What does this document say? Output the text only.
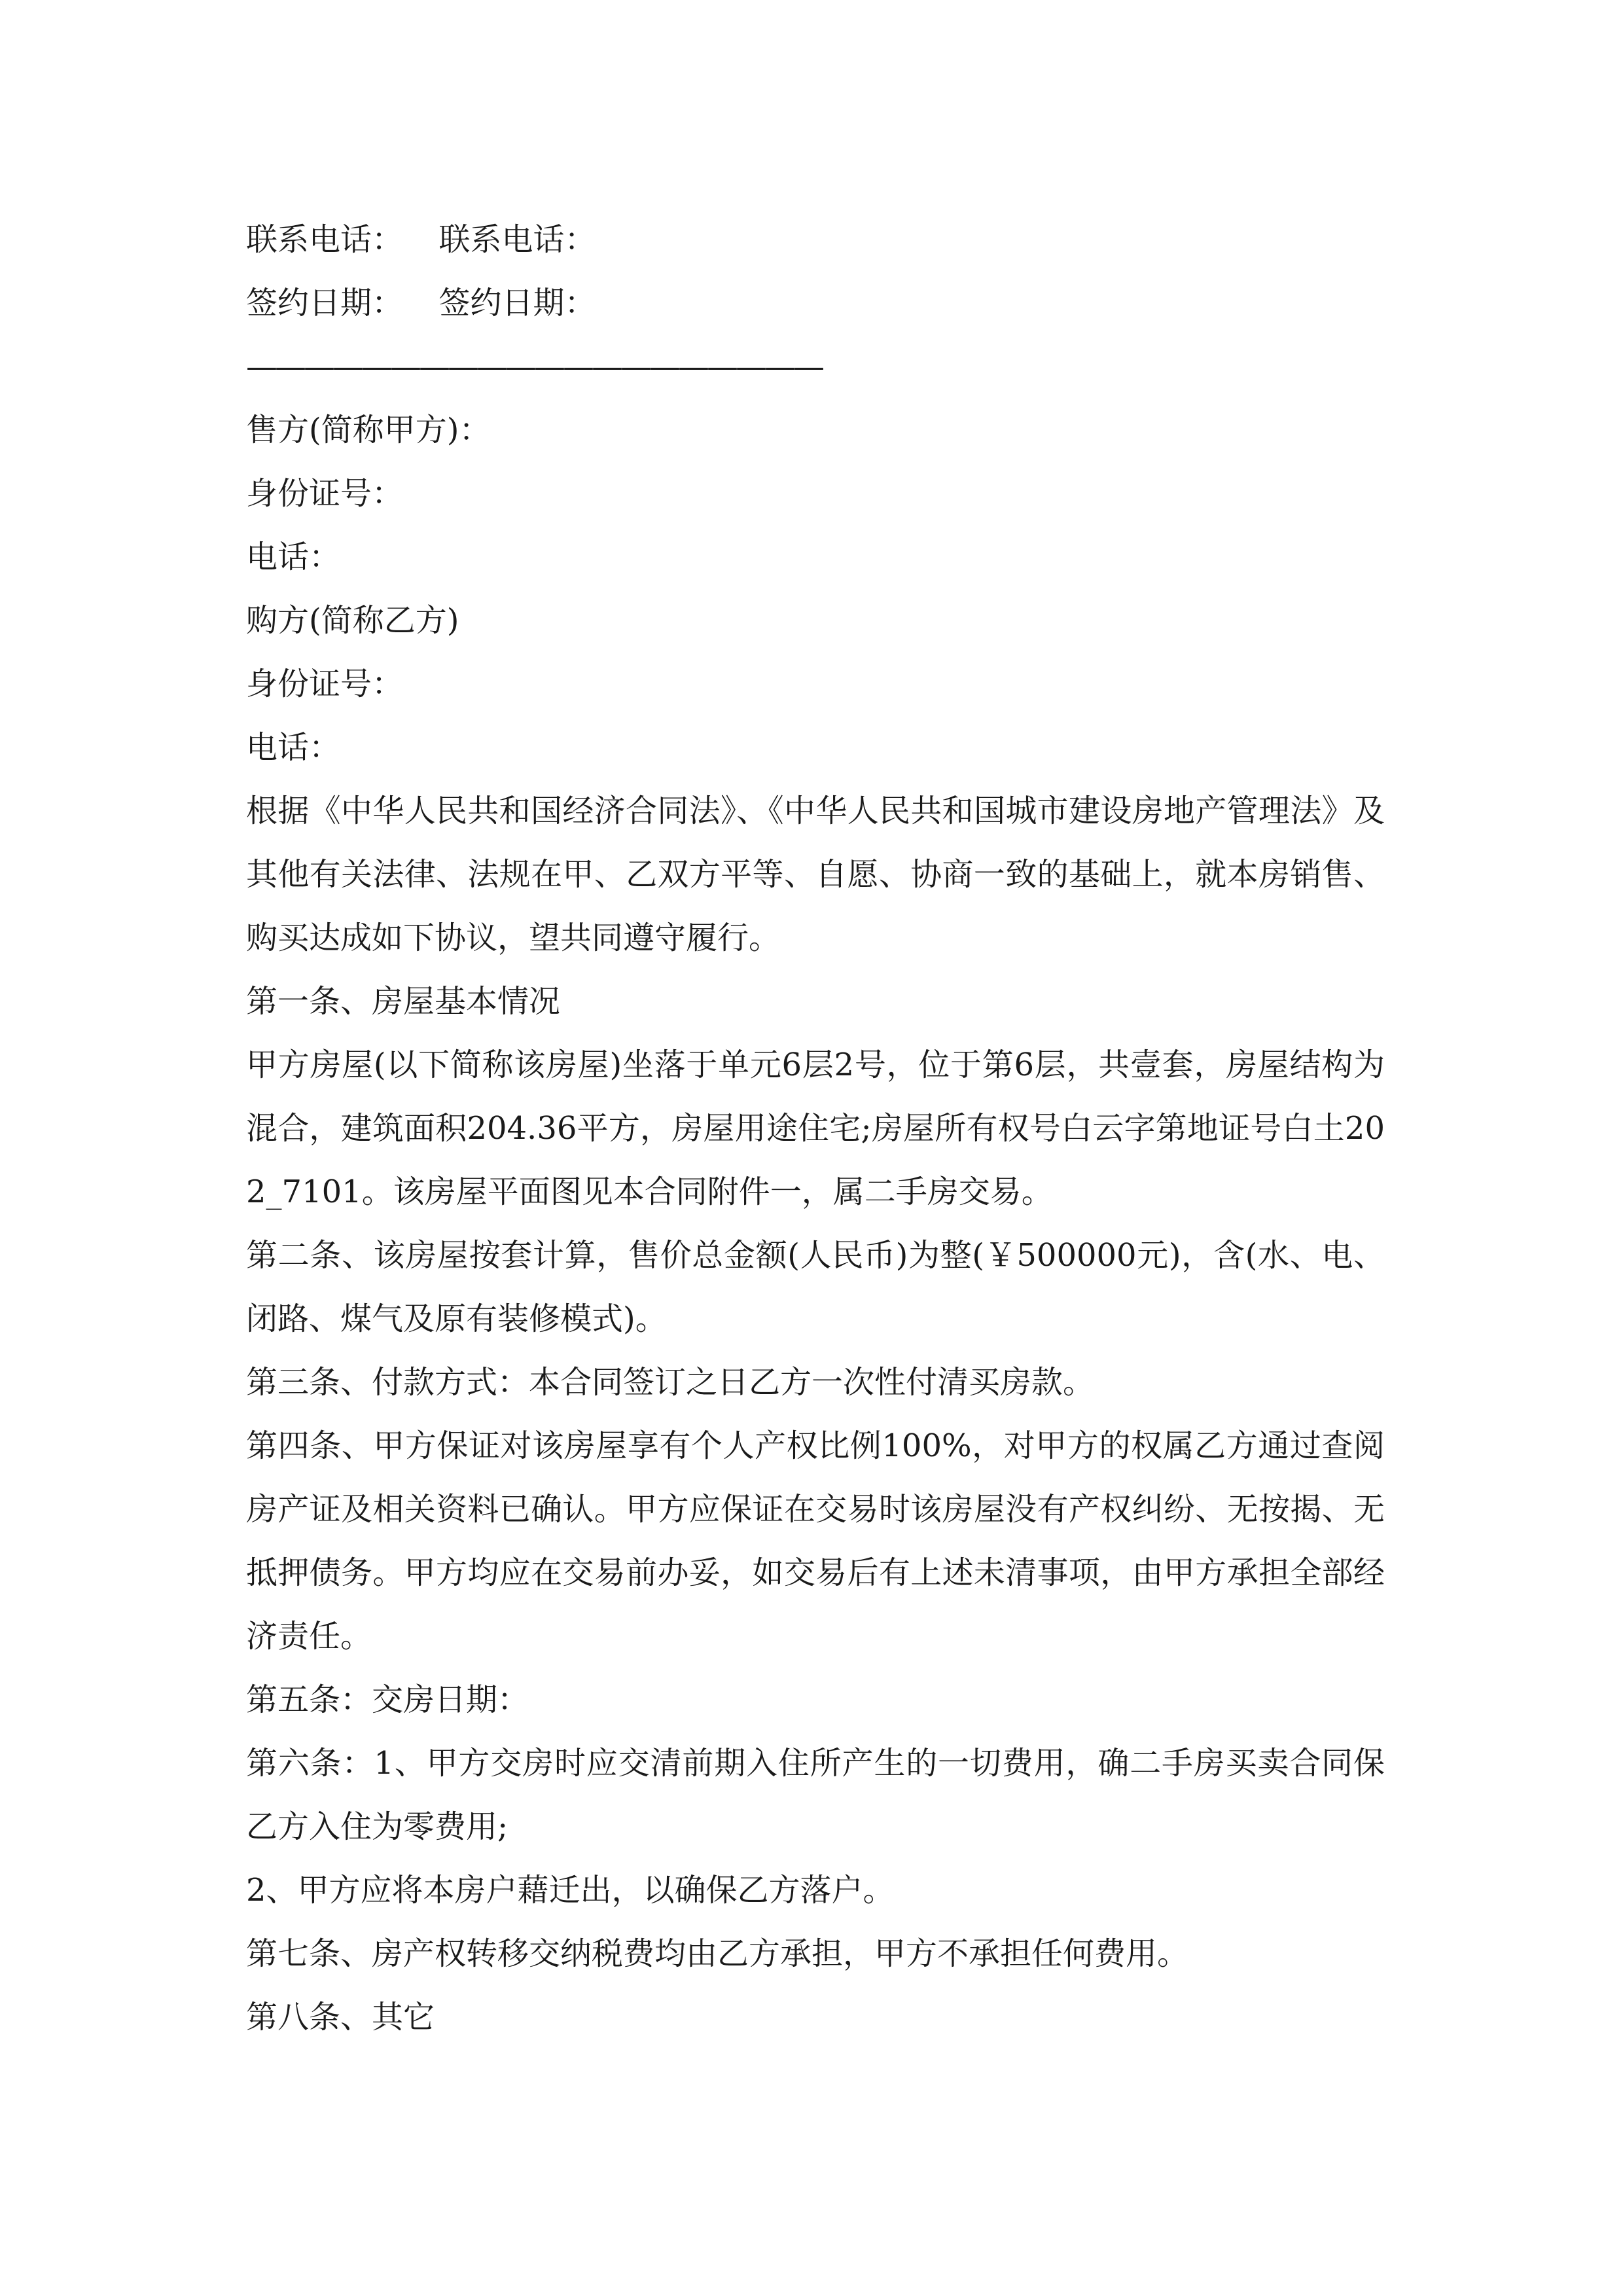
联系电话： 联系电话：
签约日期： 签约日期：
————————————————————
售方(简称甲方)：
身份证号：
电话：
购方(简称乙方)
身份证号：
电话：
根据《中华人民共和国经济合同法》、《中华人民共和国城市建设房地产管理法》及其他有关法律、法规在甲、乙双方平等、自愿、协商一致的基础上，就本房销售、购买达成如下协议，望共同遵守履行。
第一条、房屋基本情况
甲方房屋(以下简称该房屋)坐落于单元6层2号，位于第6层，共壹套，房屋结构为混合，建筑面积204.36平方，房屋用途住宅;房屋所有权号白云字第地证号白土202_7101。该房屋平面图见本合同附件一，属二手房交易。
第二条、该房屋按套计算，售价总金额(人民币)为整(￥500000元)，含(水、电、闭路、煤气及原有装修模式)。
第三条、付款方式：本合同签订之日乙方一次性付清买房款。
第四条、甲方保证对该房屋享有个人产权比例100%，对甲方的权属乙方通过查阅房产证及相关资料已确认。甲方应保证在交易时该房屋没有产权纠纷、无按揭、无抵押债务。甲方均应在交易前办妥，如交易后有上述未清事项，由甲方承担全部经济责任。
第五条：交房日期：
第六条：1、甲方交房时应交清前期入住所产生的一切费用，确二手房买卖合同保乙方入住为零费用;
2、甲方应将本房户藉迁出，以确保乙方落户。
第七条、房产权转移交纳税费均由乙方承担，甲方不承担任何费用。
第八条、其它
